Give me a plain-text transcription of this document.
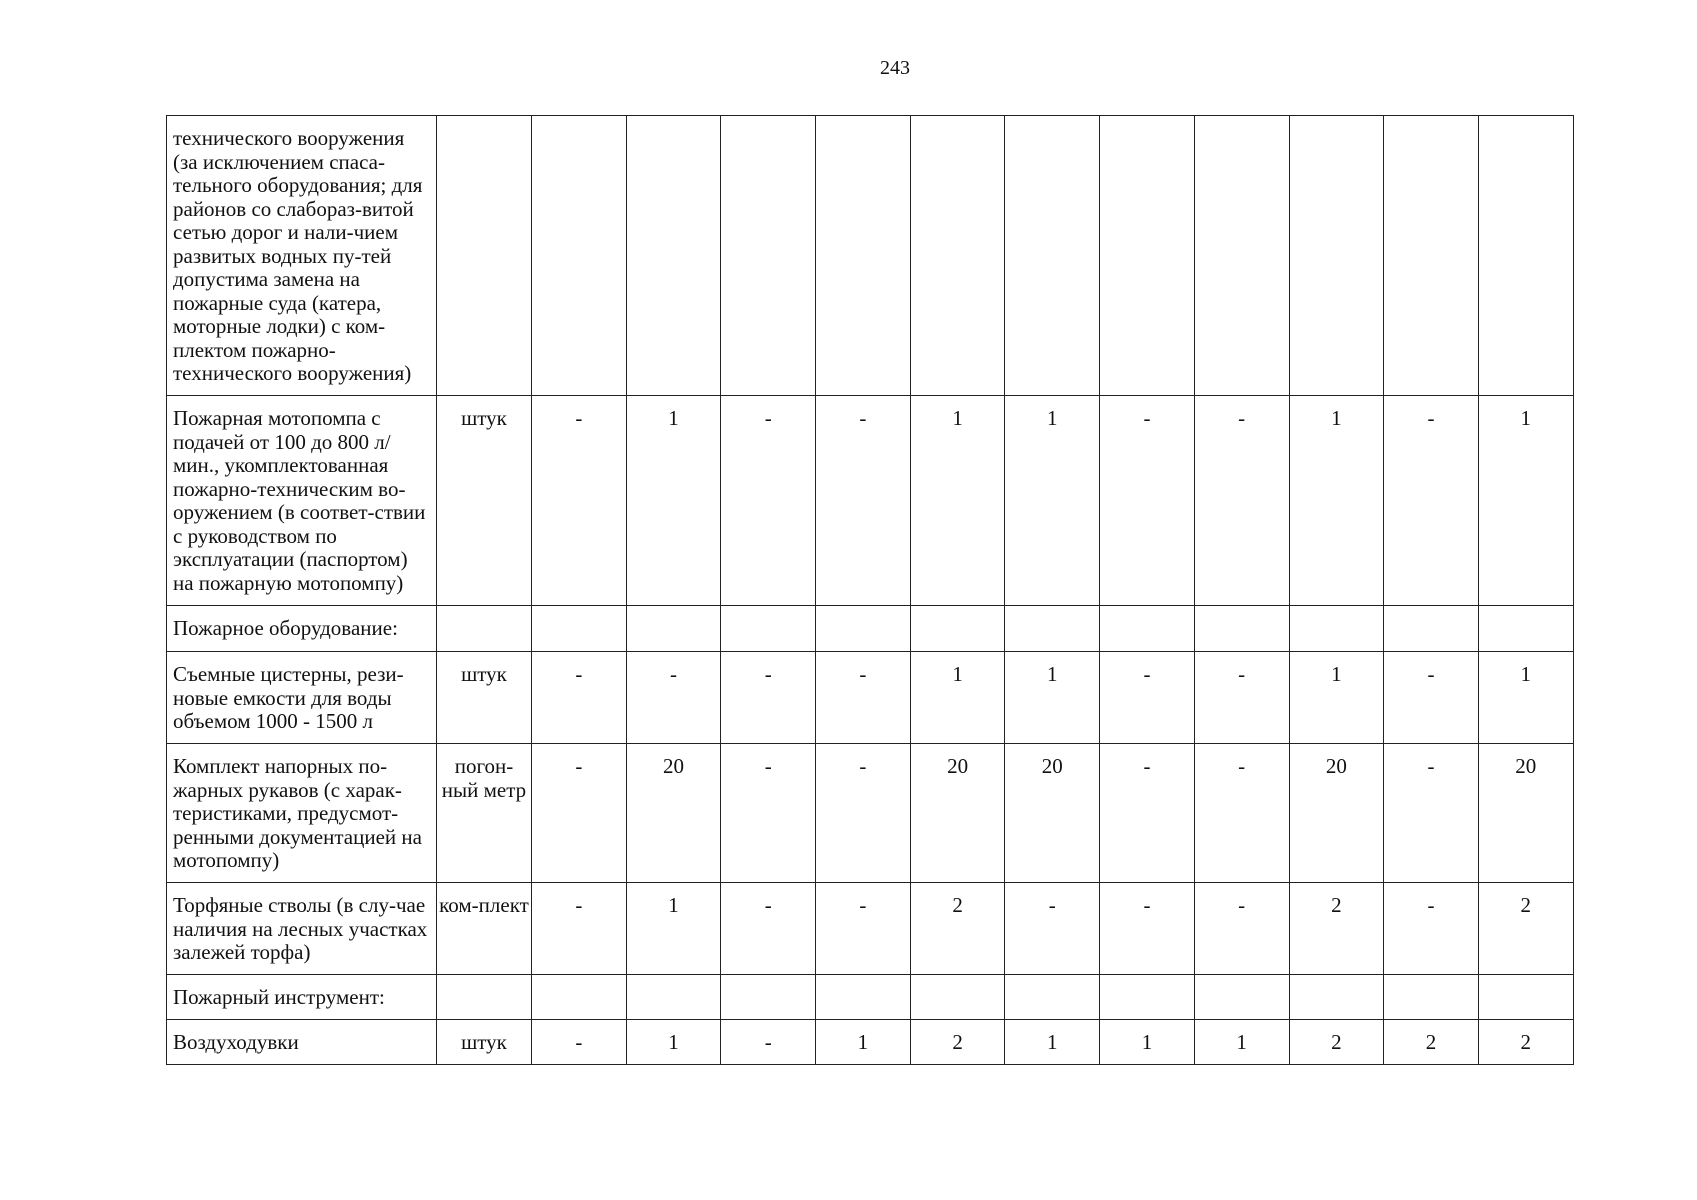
243
технического вооружения (за исключением спаса-тельного оборудования; для районов со слабораз-витой сетью дорог и нали-чием развитых водных пу-тей допустима замена на пожарные суда (катера, моторные лодки) с ком-плектом пожарно-технического вооружения)												
Пожарная мотопомпа с подачей от 100 до 800 л/мин., укомплектованная пожарно-техническим во-оружением (в соответ-ствии с руководством по эксплуатации (паспортом) на пожарную мотопомпу)	штук	-	1	-	-	1	1	-	-	1	-	1
Пожарное оборудование:												
Съемные цистерны, рези-новые емкости для воды объемом 1000 - 1500 л	штук	-	-	-	-	1	1	-	-	1	-	1
Комплект напорных по-жарных рукавов (с харак-теристиками, предусмот-ренными документацией на мотопомпу)	погон-ный метр	-	20	-	-	20	20	-	-	20	-	20
Торфяные стволы (в слу-чае наличия на лесных участках залежей торфа)	ком-плект	-	1	-	-	2	-	-	-	2	-	2
Пожарный инструмент:												
Воздуходувки	штук	-	1	-	1	2	1	1	1	2	2	2
